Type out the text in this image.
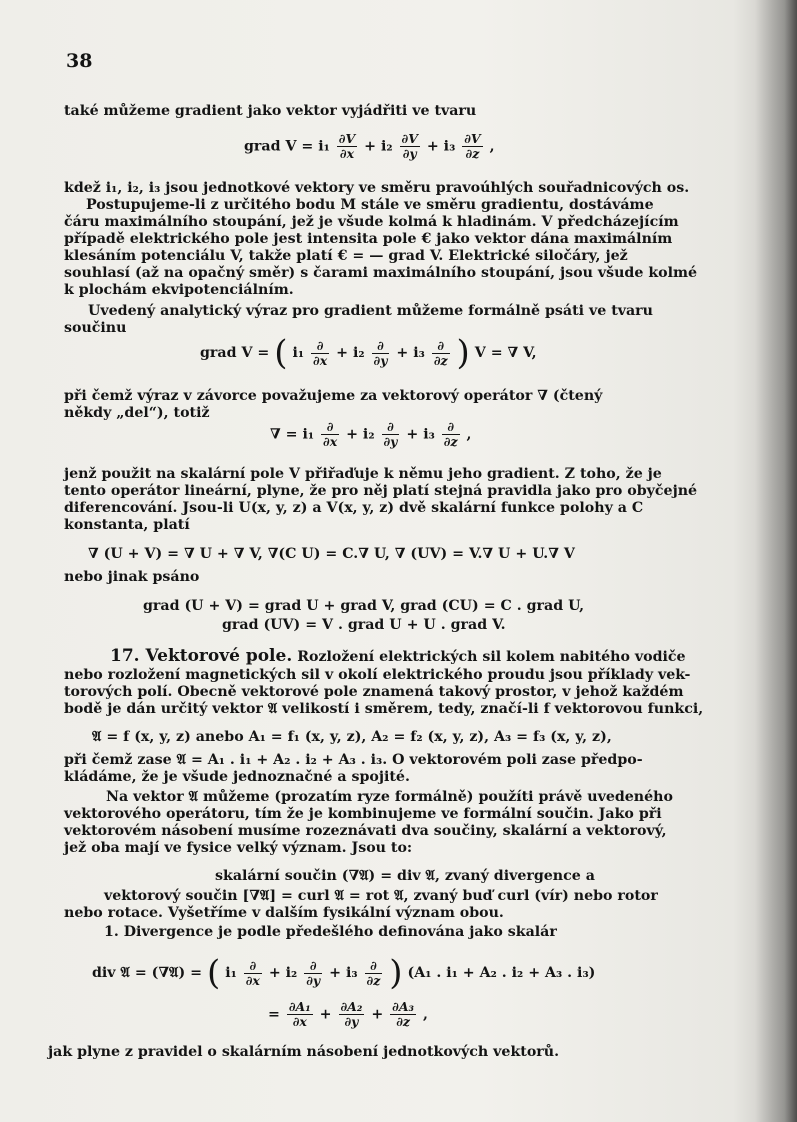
38
také můžeme gradient jako vektor vyjádřiti ve tvaru
grad $V = i_1 \frac{\partial V}{\partial x} + i_2 \frac{\partial V}{\partial y} + i_3 \frac{\partial V}{\partial z}$ ,
kdež i₁, i₂, i₃ jsou jednotkové vektory ve směru pravoúhlých souřadnicových os.
Postupujeme-li z určitého bodu M stále ve směru gradientu, dostáváme
čáru maximálního stoupání, jež je všude kolmá k hladinám. V předcházejícím
případě elektrického pole jest intensita pole € jako vektor dána maximálním
klesáním potenciálu V, takže platí € = — grad V. Elektrické siločáry, jež
souhlasí (až na opačný směr) s čarami maximálního stoupání, jsou všude kolmé
k plochám ekvipotenciálním.
Uvedený analytický výraz pro gradient můžeme formálně psáti ve tvaru
součinu
grad V = ( $i_1 \frac{\partial}{\partial x} + i_2 \frac{\partial}{\partial y} + i_3 \frac{\partial}{\partial z}$ ) V = ∇ V,
při čemž výraz v závorce považujeme za vektorový operátor ∇ (čtený
někdy „del“), totiž
∇ = $i_1 \frac{\partial}{\partial x} + i_2 \frac{\partial}{\partial y} + i_3 \frac{\partial}{\partial z}$ ,
jenž použit na skalární pole V přiřaďuje k němu jeho gradient. Z toho, že je
tento operátor lineární, plyne, že pro něj platí stejná pravidla jako pro obyčejné
diferencování. Jsou-li U(x, y, z) a V(x, y, z) dvě skalární funkce polohy a C
konstanta, platí
∇ (U + V) = ∇ U + ∇ V, ∇(C U) = C.∇ U, ∇ (UV) = V.∇ U + U.∇ V
nebo jinak psáno
grad (U + V) = grad U + grad V, grad (CU) = C . grad U,
grad (UV) = V . grad U + U . grad V.
17. Vektorové pole. Rozložení elektrických sil kolem nabitého vodiče
nebo rozložení magnetických sil v okolí elektrického proudu jsou příklady vek-
torových polí. Obecně vektorové pole znamená takový prostor, v jehož každém
bodě je dán určitý vektor 𝔄 velikostí i směrem, tedy, značí-li f vektorovou funkci,
𝔄 = f (x, y, z) anebo A₁ = f₁ (x, y, z), A₂ = f₂ (x, y, z), A₃ = f₃ (x, y, z),
při čemž zase 𝔄 = A₁ . i₁ + A₂ . i₂ + A₃ . i₃. O vektorovém poli zase předpo-
kládáme, že je všude jednoznačné a spojité.
Na vektor 𝔄 můžeme (prozatím ryze formálně) použíti právě uvedeného
vektorového operátoru, tím že je kombinujeme ve formální součin. Jako při
vektorovém násobení musíme rozeznávati dva součiny, skalární a vektorový,
jež oba mají ve fysice velký význam. Jsou to:
skalární součin (∇𝔄) = div 𝔄, zvaný divergence a
vektorový součin [∇𝔄] = curl 𝔄 = rot 𝔄, zvaný buď curl (vír) nebo rotor
nebo rotace. Vyšetříme v dalším fysikální význam obou.
1. Divergence je podle předešlého definována jako skalár
div 𝔄 = (∇𝔄) = ( $i_1 \frac{\partial}{\partial x} + i_2 \frac{\partial}{\partial y} + i_3 \frac{\partial}{\partial z}$ ) (A₁ . i₁ + A₂ . i₂ + A₃ . i₃)
= $\frac{\text{∂A₁}}{\partial x} + \frac{\text{∂A₂}}{\partial y} + \frac{\text{∂A₃}}{\partial z}$ ,
jak plyne z pravidel o skalárním násobení jednotkových vektorů.
